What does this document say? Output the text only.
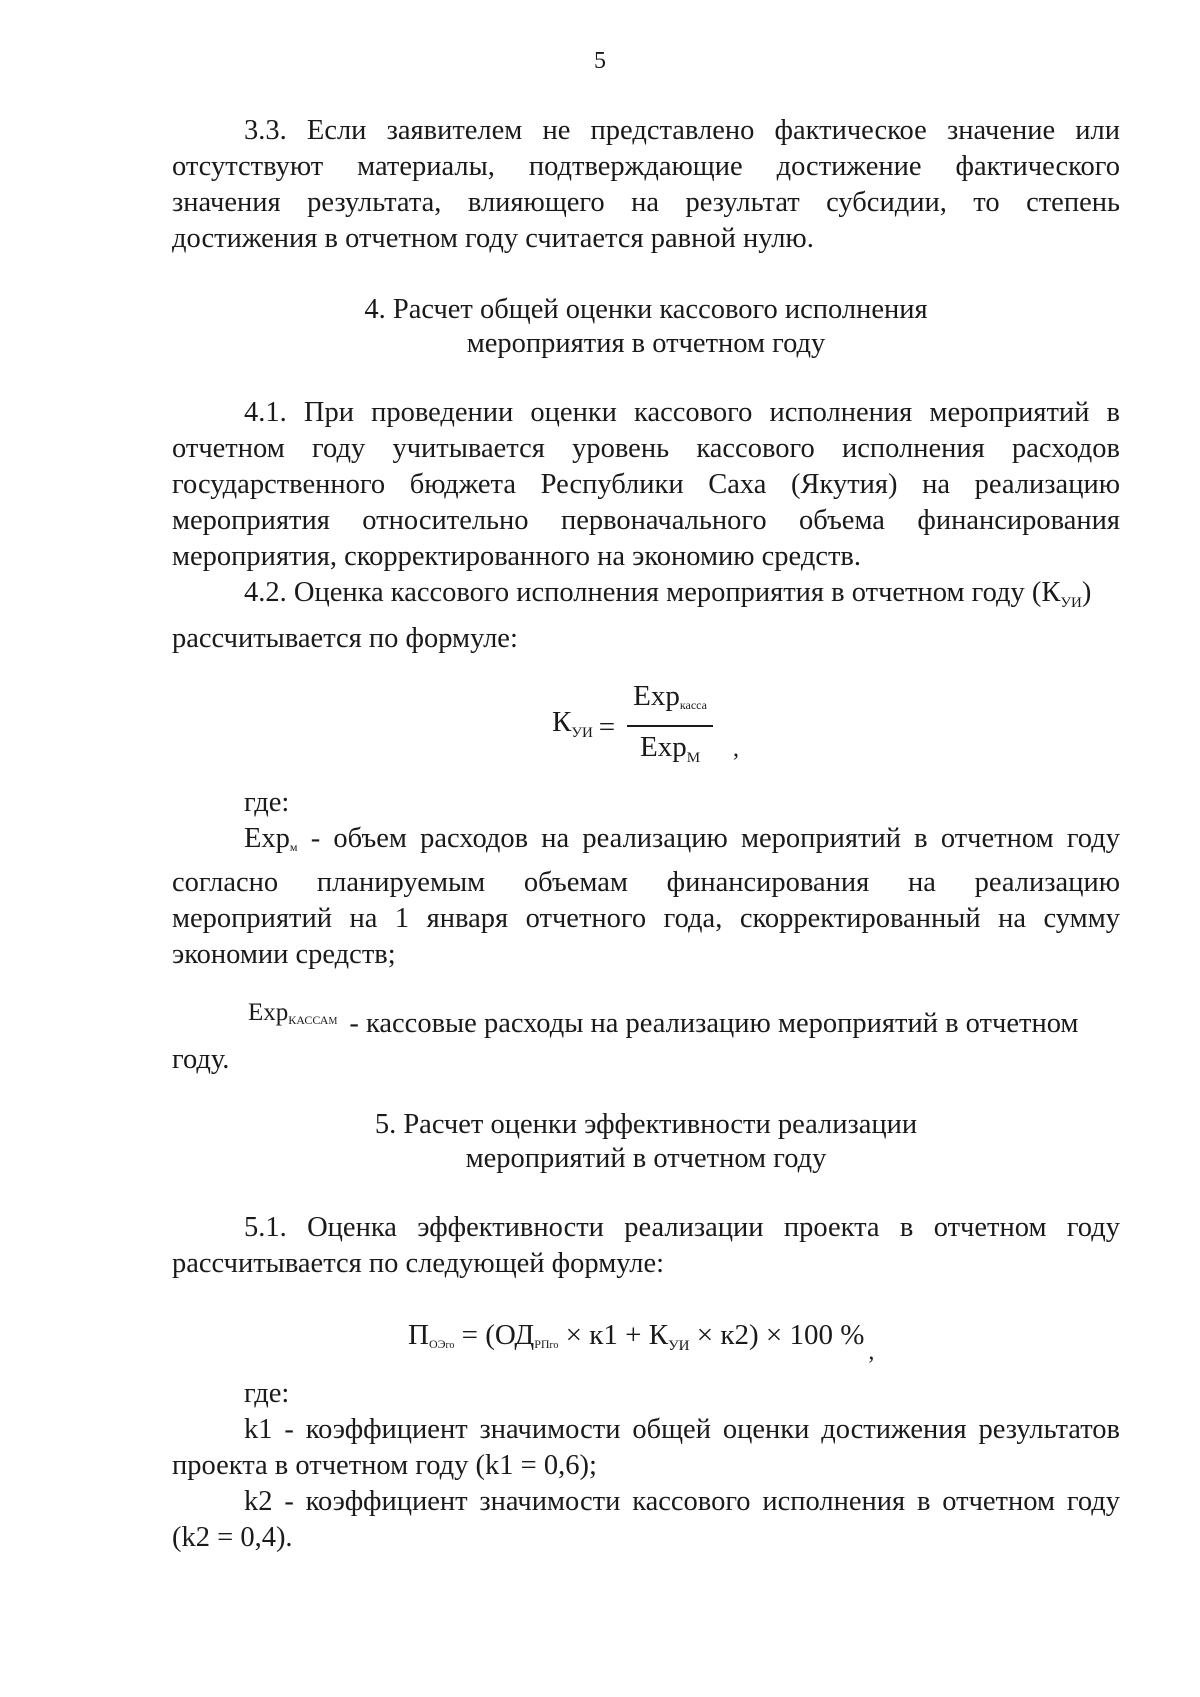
5

3.3. Если заявителем не представлено фактическое значение или отсутствуют материалы, подтверждающие достижение фактического значения результата, влияющего на результат субсидии, то степень достижения в отчетном году считается равной нулю.

4. Расчет общей оценки кассового исполнения
мероприятия в отчетном году

4.1. При проведении оценки кассового исполнения мероприятий в отчетном году учитывается уровень кассового исполнения расходов государственного бюджета Республики Саха (Якутия) на реализацию мероприятия относительно первоначального объема финансирования мероприятия, скорректированного на экономию средств.

4.2. Оценка кассового исполнения мероприятия в отчетном году $(К_{УИ})$

рассчитывается по формуле:

$К_{УИ} = \frac{Exp_{касса}}{Exp_М}$ ,

где:

Exp$_м$ - объем расходов на реализацию мероприятий в отчетном году согласно планируемым объемам финансирования на реализацию мероприятий на 1 января отчетного года, скорректированный на сумму экономии средств;

Exp$_{КАССАМ}$ - кассовые расходы на реализацию мероприятий в отчетном

году.

5. Расчет оценки эффективности реализации
мероприятий в отчетном году

5.1. Оценка эффективности реализации проекта в отчетном году рассчитывается по следующей формуле:

$П_{ОЭго} = (ОД_{РПго} \times к1 + К_{УИ} \times к2) \times 100$ %
,

где:

k1 - коэффициент значимости общей оценки достижения результатов проекта в отчетном году (k1 = 0,6);

k2 - коэффициент значимости кассового исполнения в отчетном году (k2 = 0,4).
